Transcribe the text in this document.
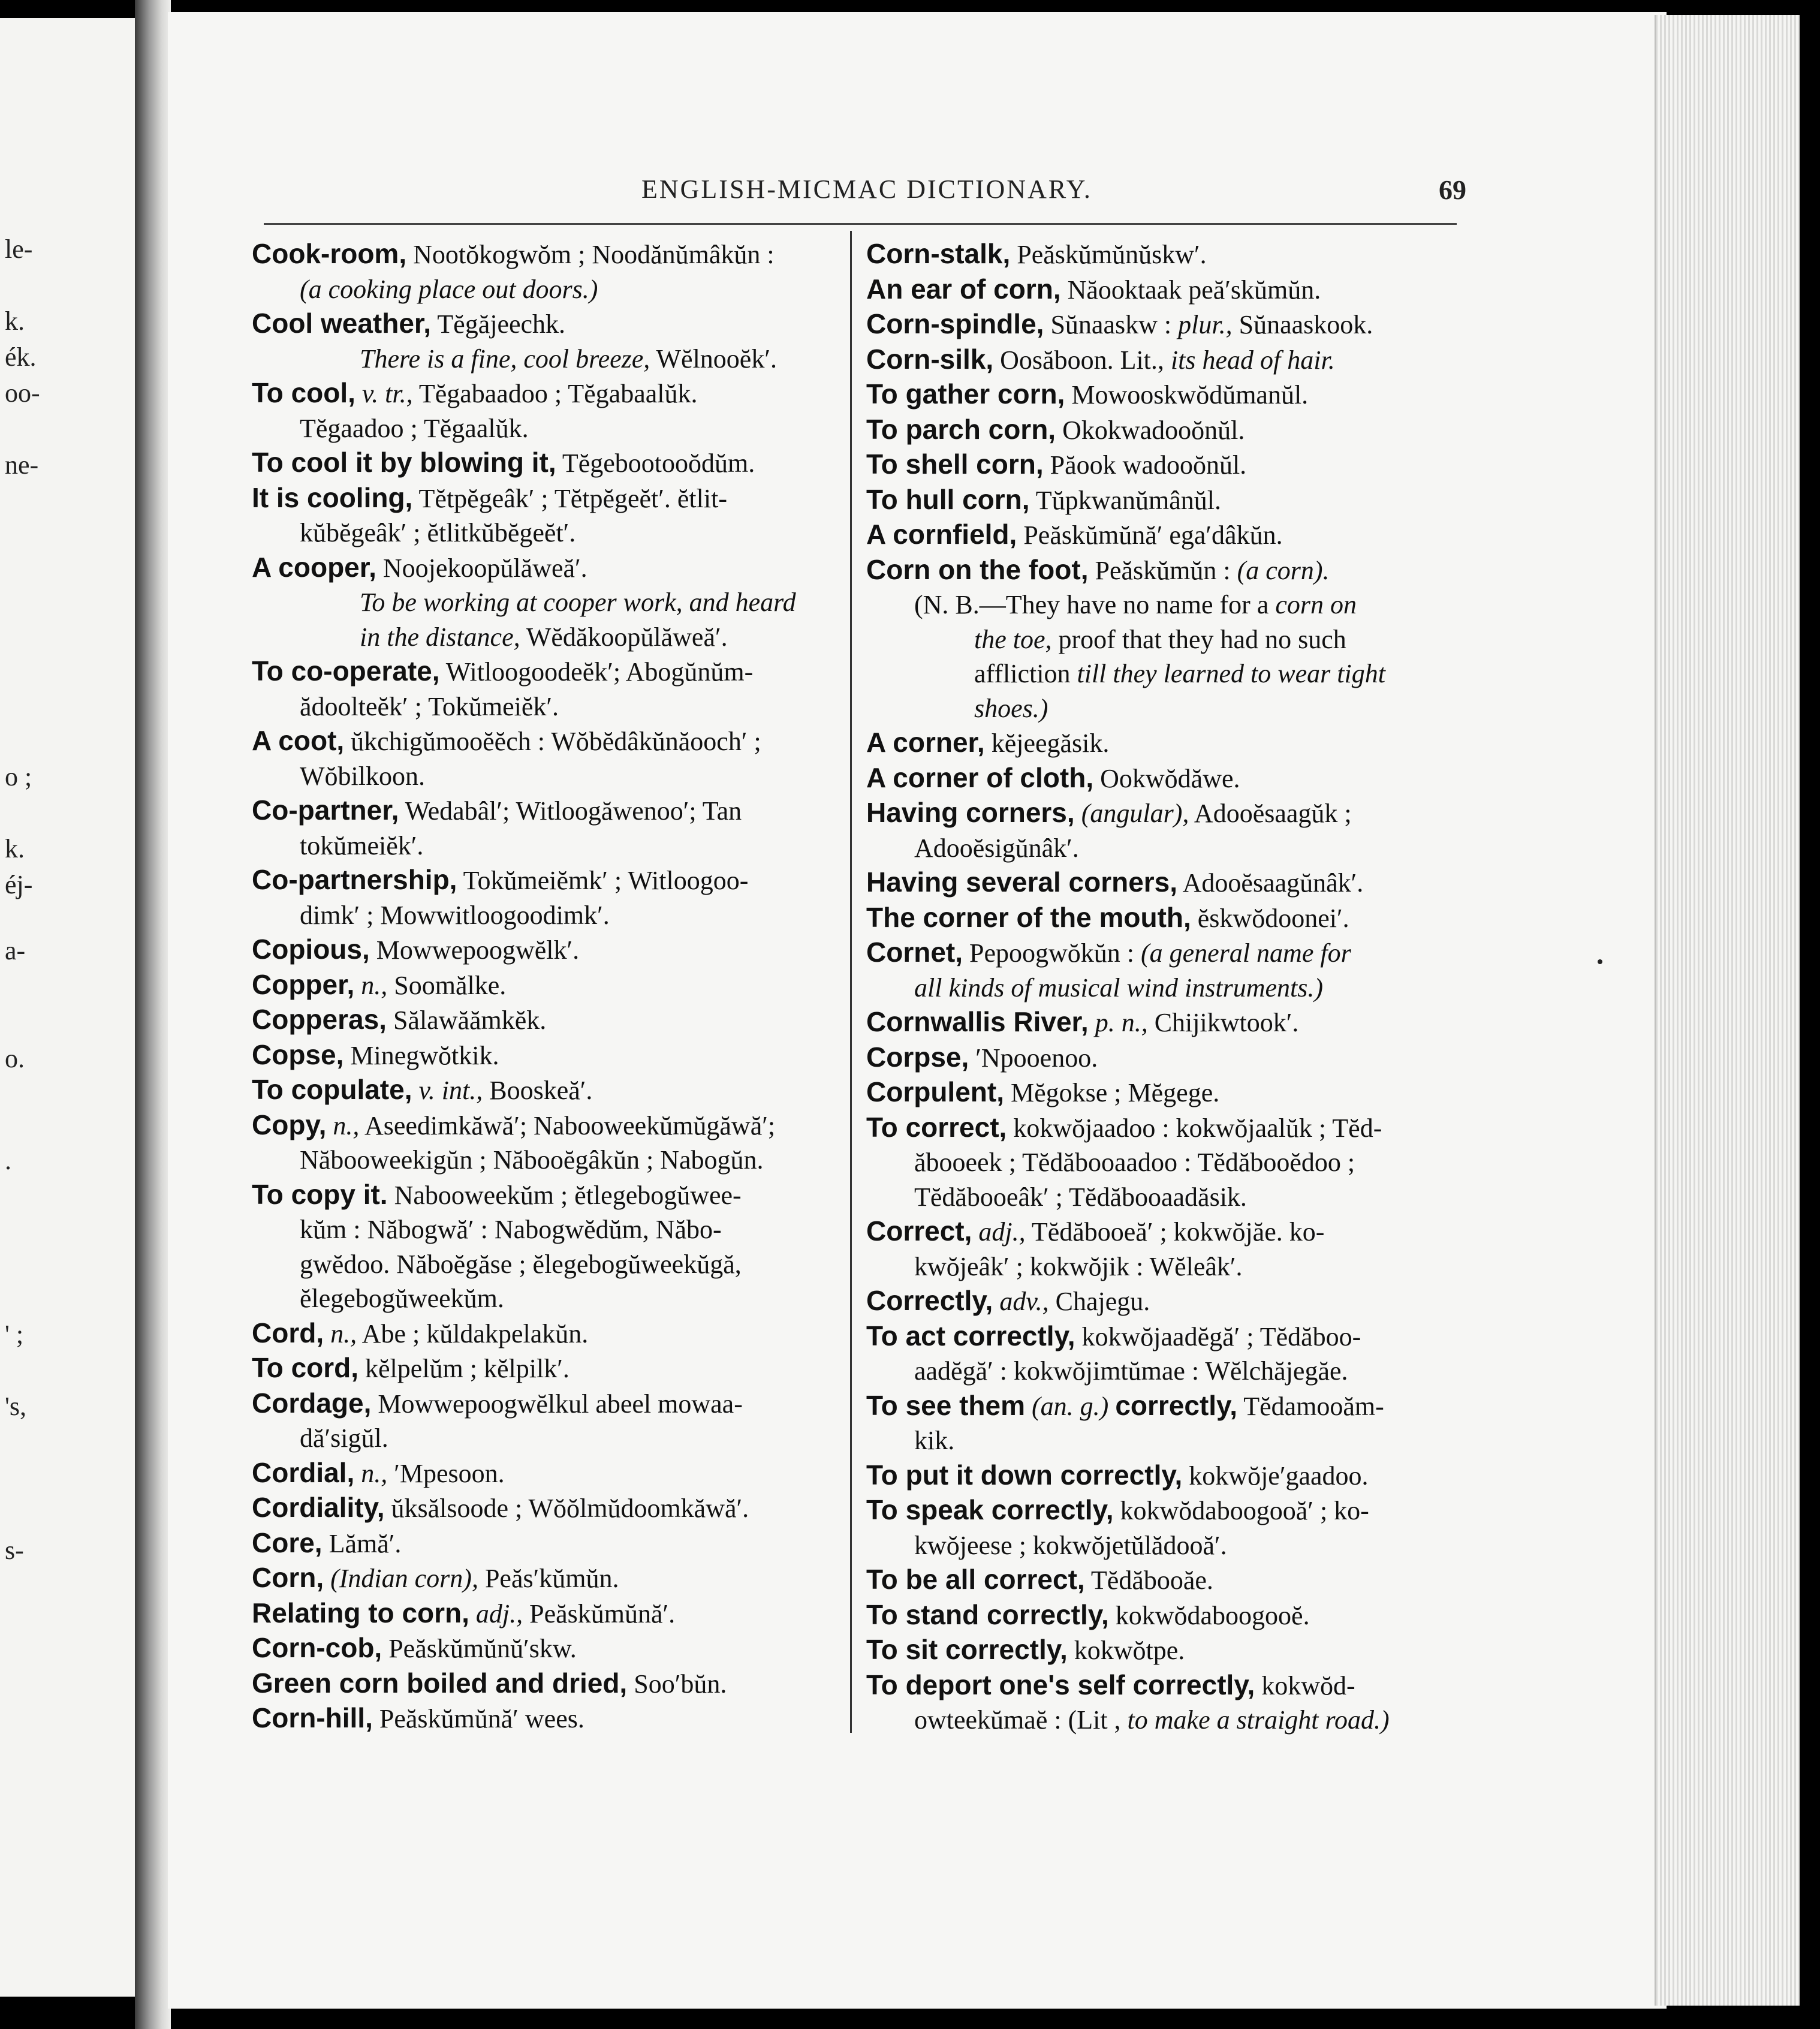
le-
k.
ék.
oo-
ne-
o ;
k.
éj-
a-
o.
.
' ;
's,
s-
ENGLISH-MICMAC DICTIONARY.	69
Cook-room, Nootŏkogwŏm ; Noodănŭmâkŭn :
(a cooking place out doors.)
Cool weather, Tĕgăjeechk.
There is a fine, cool breeze, Wĕlnooĕk′.
To cool, v. tr., Tĕgabaadoo ; Tĕgabaalŭk.
Tĕgaadoo ; Tĕgaalŭk.
To cool it by blowing it, Tĕgebootooŏdŭm.
It is cooling, Tĕtpĕgeâk′ ; Tĕtpĕgeĕt′. ĕtlit-
kŭbĕgeâk′ ; ĕtlitkŭbĕgeĕt′.
A cooper, Noojekoopŭlăweă′.
To be working at cooper work, and heard
in the distance, Wĕdăkoopŭlăweă′.
To co-operate, Witloogoodeĕk′; Abogŭnŭm-
ădoolteĕk′ ; Tokŭmeiĕk′.
A coot, ŭkchigŭmooĕĕch : Wŏbĕdâkŭnăooch′ ;
Wŏbilkoon.
Co-partner, Wedabâl′; Witloogăwenoo′; Tan
tokŭmeiĕk′.
Co-partnership, Tokŭmeiĕmk′ ; Witloogoo-
dimk′ ; Mowwitloogoodimk′.
Copious, Mowwepoogwĕlk′.
Copper, n., Soomălke.
Copperas, Sălawăămkĕk.
Copse, Minegwŏtkik.
To copulate, v. int., Booskeă′.
Copy, n., Aseedimkăwă′; Nabooweekŭmŭgăwă′;
Năbooweekigŭn ; Năbooĕgâkŭn ; Nabogŭn.
To copy it. Nabooweekŭm ; ĕtlegebogŭwee-
kŭm : Năbogwă′ : Nabogwĕdŭm, Năbo-
gwĕdoo. Năboĕgăse ; ĕlegebogŭweekŭgă,
ĕlegebogŭweekŭm.
Cord, n., Abe ; kŭldakpelakŭn.
To cord, kĕlpelŭm ; kĕlpilk′.
Cordage, Mowwepoogwĕlkul abeel mowaa-
dă′sigŭl.
Cordial, n., ′Mpesoon.
Cordiality, ŭksălsoode ; Wŏŏlmŭdoomkăwă′.
Core, Lămă′.
Corn, (Indian corn), Peăs′kŭmŭn.
Relating to corn, adj., Peăskŭmŭnă′.
Corn-cob, Peăskŭmŭnŭ′skw.
Green corn boiled and dried, Soo′bŭn.
Corn-hill, Peăskŭmŭnă′ wees.
Corn-stalk, Peăskŭmŭnŭskw′.
An ear of corn, Năooktaak peă′skŭmŭn.
Corn-spindle, Sŭnaaskw : plur., Sŭnaaskook.
Corn-silk, Oosăboon. Lit., its head of hair.
To gather corn, Mowooskwŏdŭmanŭl.
To parch corn, Okokwadooŏnŭl.
To shell corn, Păook wadooŏnŭl.
To hull corn, Tŭpkwanŭmânŭl.
A cornfield, Peăskŭmŭnă′ ega′dâkŭn.
Corn on the foot, Peăskŭmŭn : (a corn).
(N. B.—They have no name for a corn on
the toe, proof that they had no such
affliction till they learned to wear tight
shoes.)
A corner, kĕjeegăsik.
A corner of cloth, Ookwŏdăwe.
Having corners, (angular), Adooĕsaagŭk ;
Adooĕsigŭnâk′.
Having several corners, Adooĕsaagŭnâk′.
The corner of the mouth, ĕskwŏdoonei′.
Cornet, Pepoogwŏkŭn : (a general name for
all kinds of musical wind instruments.)
Cornwallis River, p. n., Chijikwtook′.
Corpse, ′Npooenoo.
Corpulent, Mĕgokse ; Mĕgege.
To correct, kokwŏjaadoo : kokwŏjaalŭk ; Tĕd-
ăbooeek ; Tĕdăbooaadoo : Tĕdăbooĕdoo ;
Tĕdăbooeâk′ ; Tĕdăbooaadăsik.
Correct, adj., Tĕdăbooeă′ ; kokwŏjăe. ko-
kwŏjeâk′ ; kokwŏjik : Wĕleâk′.
Correctly, adv., Chajegu.
To act correctly, kokwŏjaadĕgă′ ; Tĕdăboo-
aadĕgă′ : kokwŏjimtŭmae : Wĕlchăjegăe.
To see them (an. g.) correctly, Tĕdamooăm-
kik.
To put it down correctly, kokwŏje′gaadoo.
To speak correctly, kokwŏdaboogooă′ ; ko-
kwŏjeese ; kokwŏjetŭlădooă′.
To be all correct, Tĕdăbooăe.
To stand correctly, kokwŏdaboogooĕ.
To sit correctly, kokwŏtpe.
To deport one's self correctly, kokwŏd-
owteekŭmaĕ : (Lit , to make a straight road.)
